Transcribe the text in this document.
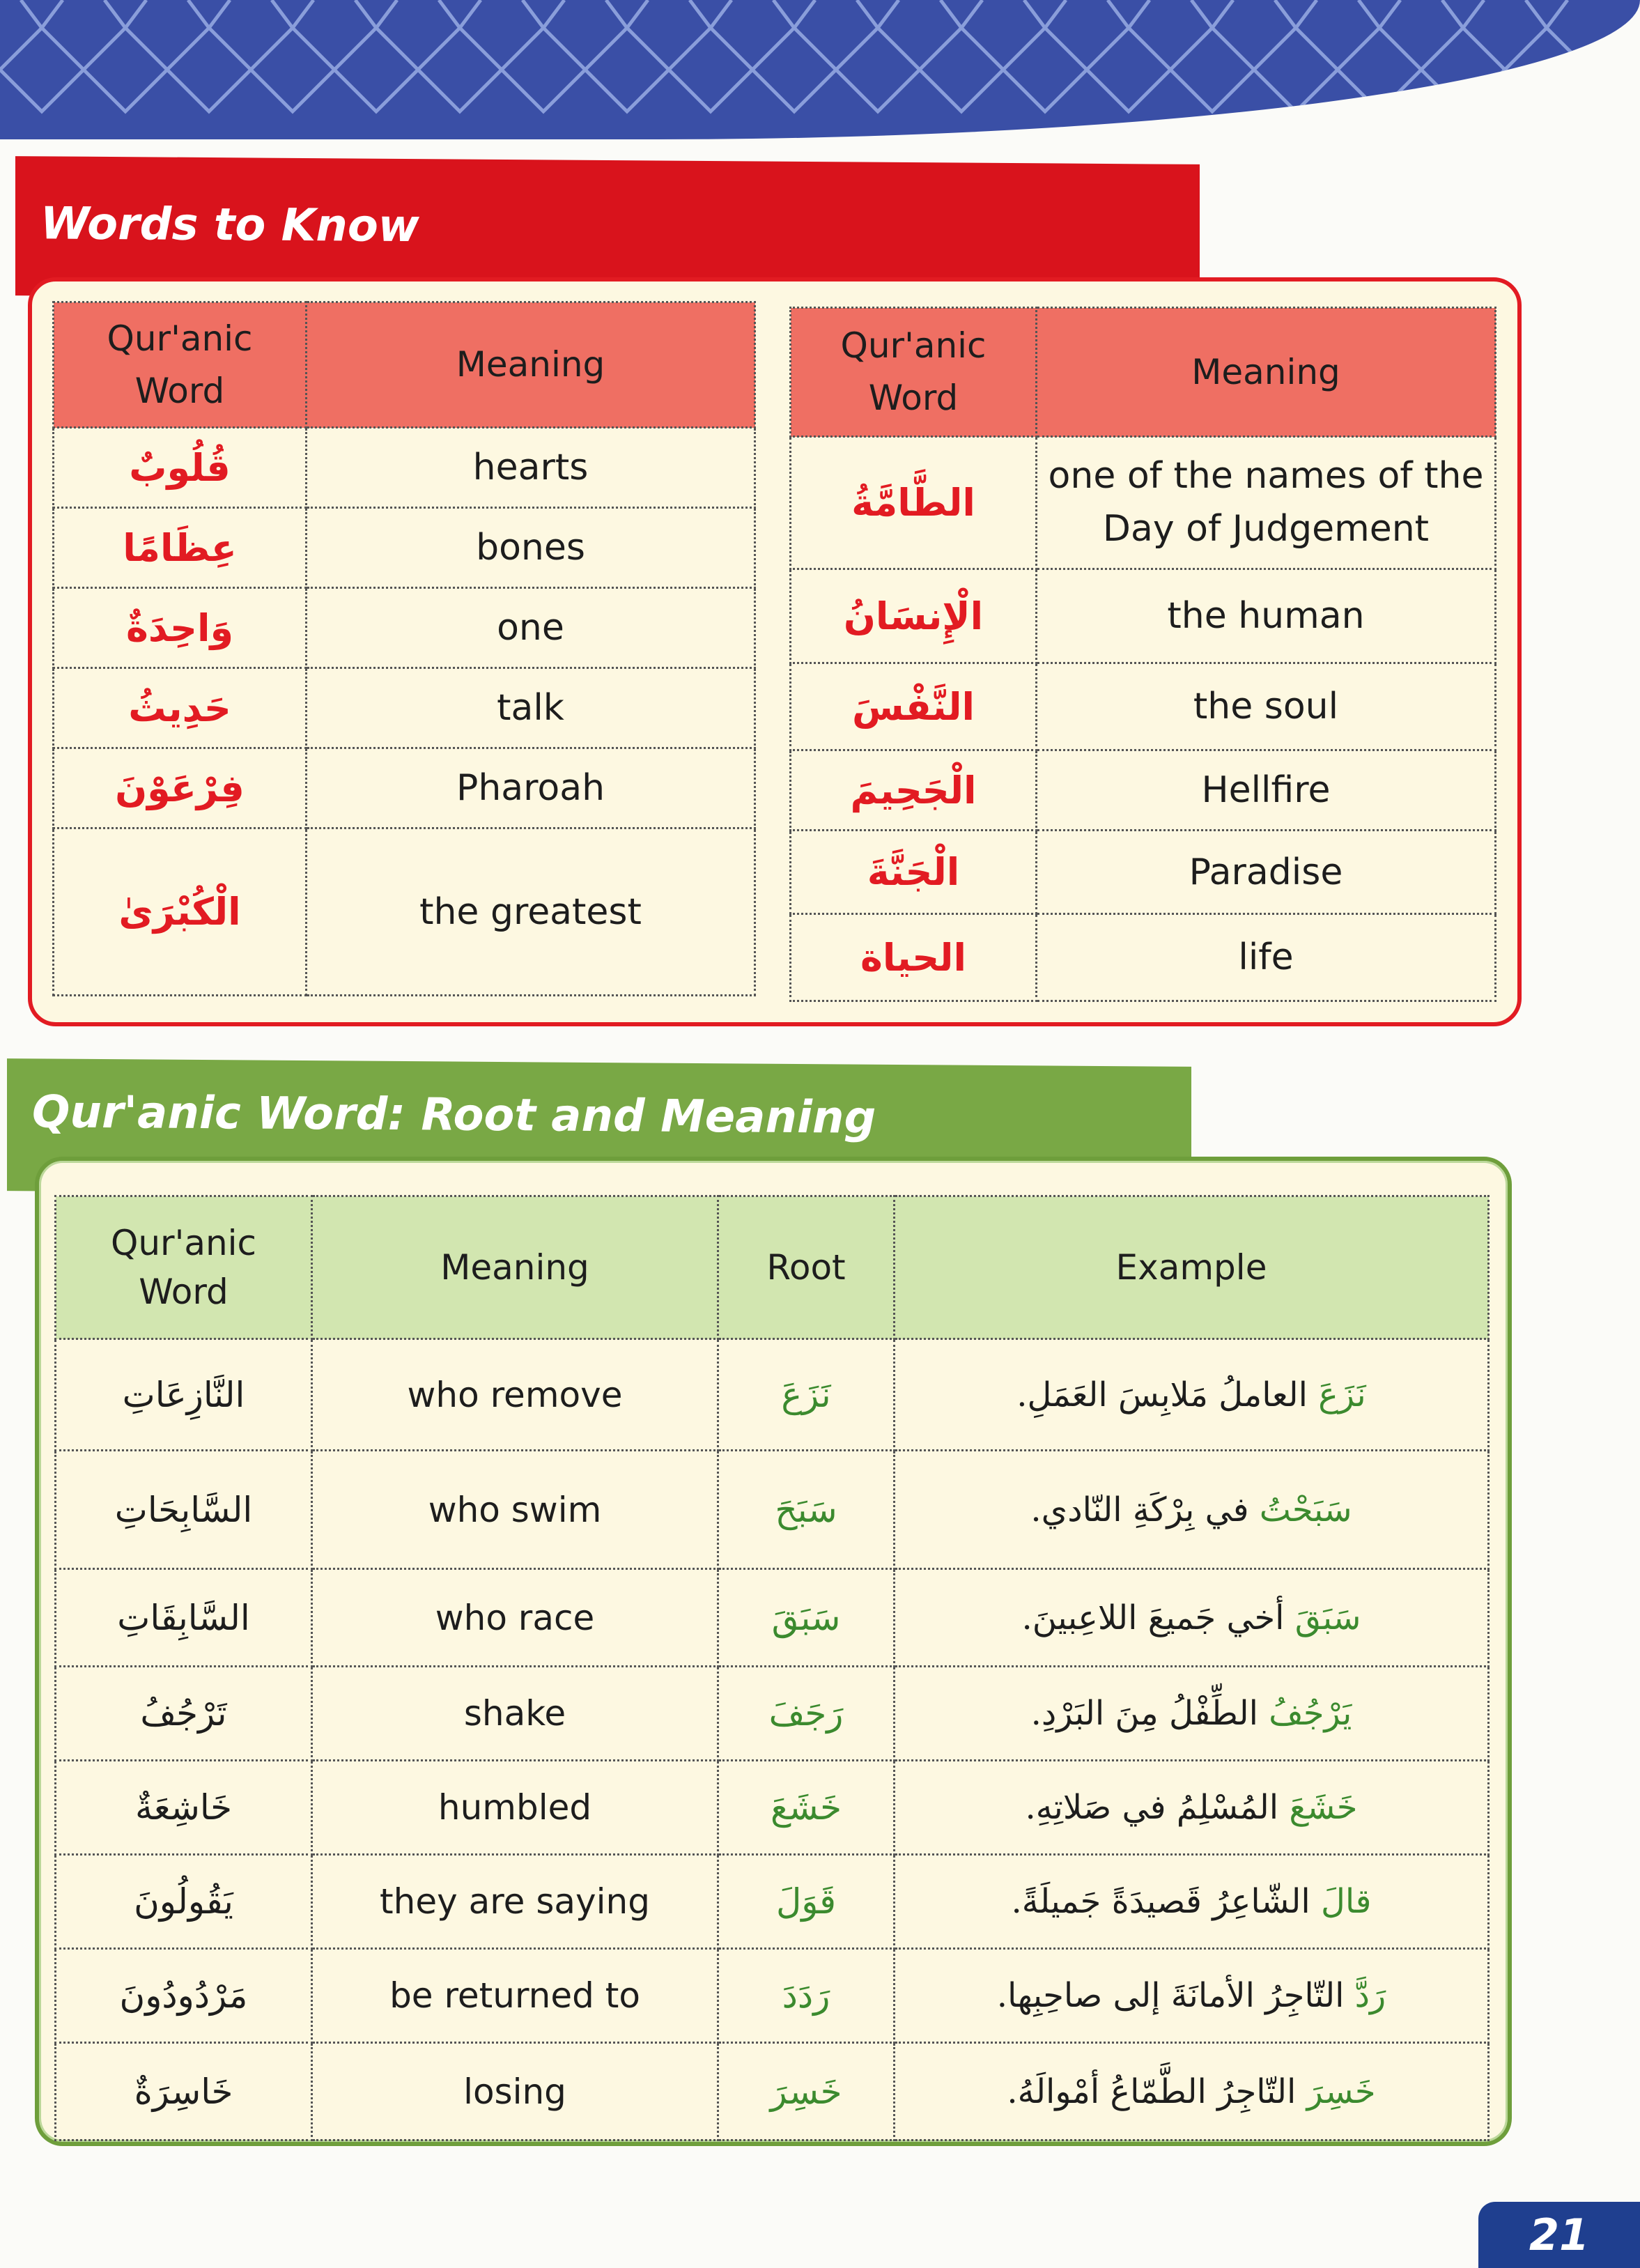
Words to Know
Qur'anic Word	Meaning
قُلُوبٌ	hearts
عِظَامًا	bones
وَاحِدَةٌ	one
حَدِيثُ	talk
فِرْعَوْنَ	Pharoah
الْكُبْرَىٰ	the greatest
Qur'anic Word	Meaning
الطَّامَّةُ	one of the names of the Day of Judgement
الْإِنسَانُ	the human
النَّفْسَ	the soul
الْجَحِيمَ	Hellfire
الْجَنَّةَ	Paradise
الحياة	life
Qur'anic Word: Root and Meaning
Qur'anic Word	Meaning	Root	Example
النَّازِعَاتِ	who remove	نَزَعَ	نَزَعَ العاملُ مَلابِسَ العَمَلِ.
السَّابِحَاتِ	who swim	سَبَحَ	سَبَحْتُ في بِرْكَةِ النّادي.
السَّابِقَاتِ	who race	سَبَقَ	سَبَقَ أخي جَميعَ اللاعِبينَ.
تَرْجُفُ	shake	رَجَفَ	يَرْجُفُ الطِّفْلُ مِنَ البَرْدِ.
خَاشِعَةٌ	humbled	خَشَعَ	خَشَعَ المُسْلِمُ في صَلاتِهِ.
يَقُولُونَ	they are saying	قَوَلَ	قالَ الشّاعِرُ قَصيدَةً جَميلَةً.
مَرْدُودُونَ	be returned to	رَدَدَ	رَدَّ التّاجِرُ الأمانَةَ إلى صاحِبِها.
خَاسِرَةٌ	losing	خَسِرَ	خَسِرَ التّاجِرُ الطَّمّاعُ أمْوالَهُ.
21
